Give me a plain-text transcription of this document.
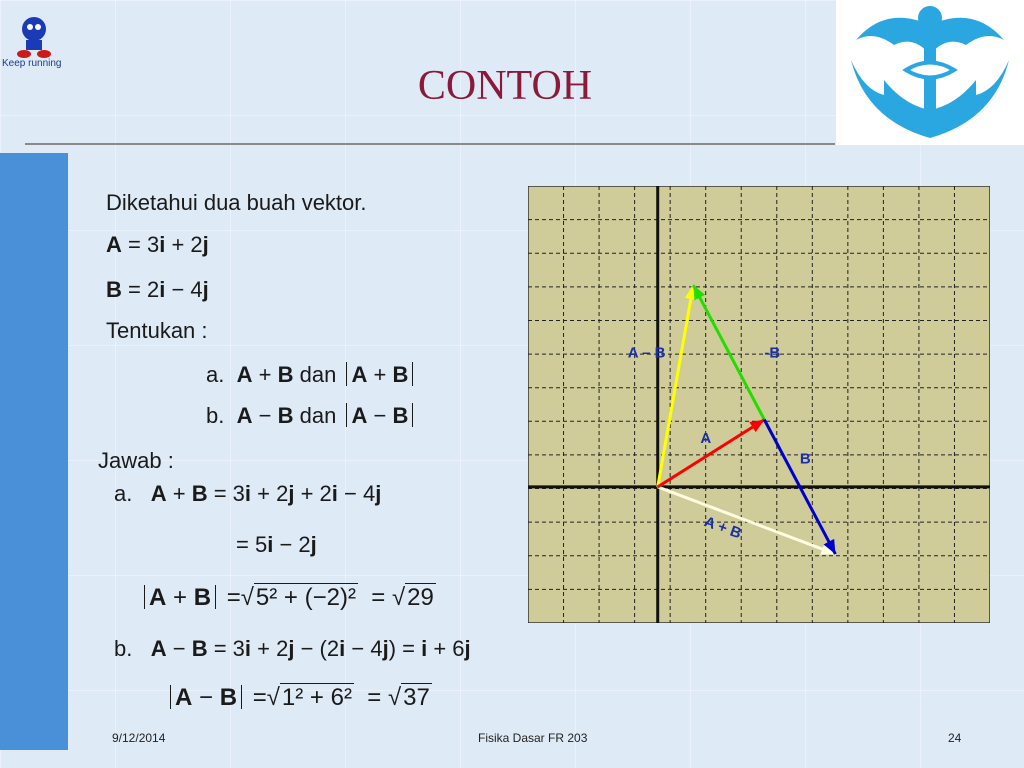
Keep running	CONTOH
Diketahui dua buah vektor.
A = 3i + 2j
B = 2i − 4j
Tentukan :
a. A + B dan A + B
b. A − B dan A − B
Jawab :
a. A + B = 3i + 2j + 2i − 4j
= 5i − 2j
A + B =√5² + (−2)² = √29
b. A − B = 3i + 2j − (2i − 4j) = i + 6j
A − B =√1² + 6² = √37
-B
A – B
A
B
A + B
9/12/2014	Fisika Dasar FR 203	24
